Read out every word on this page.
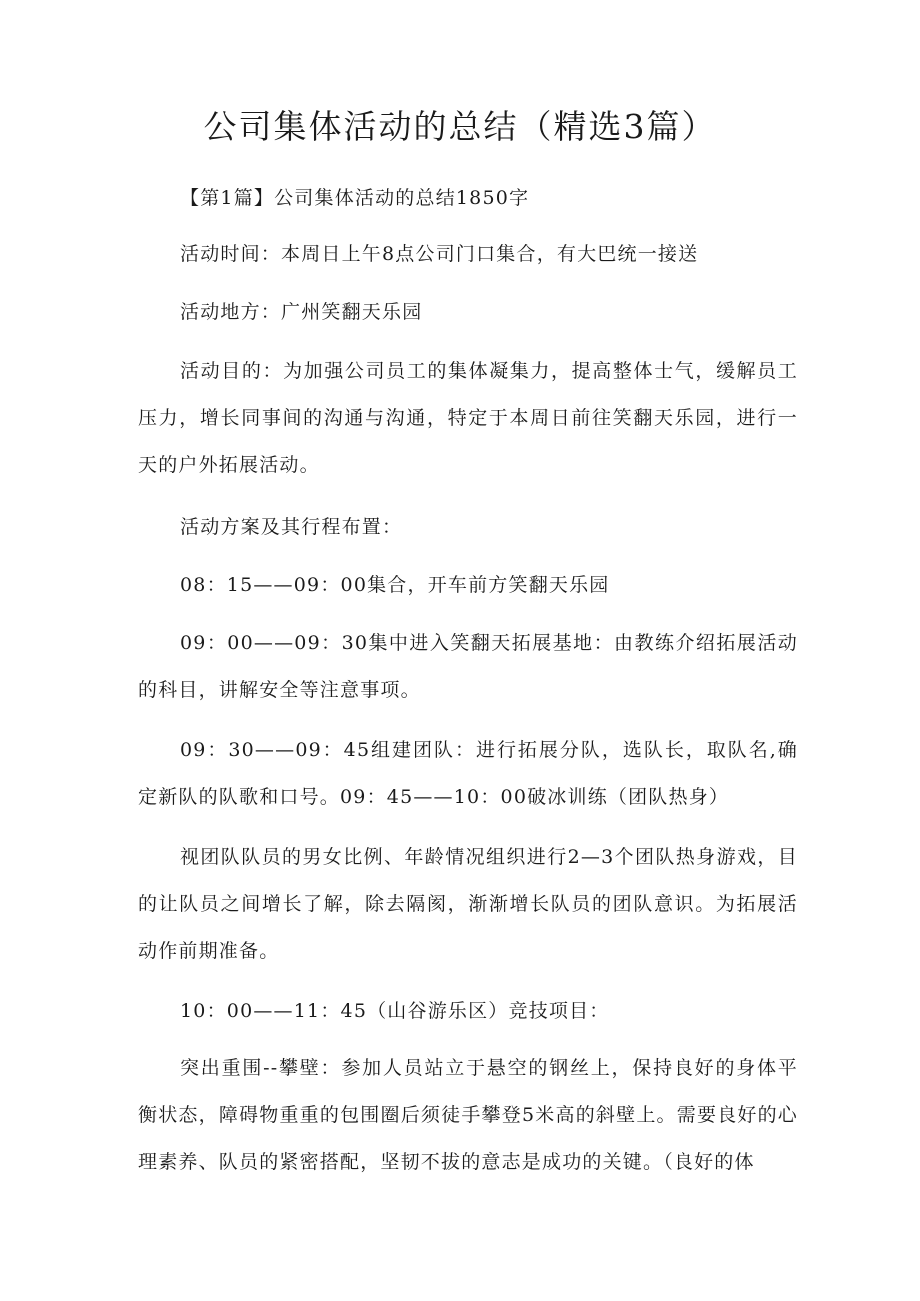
公司集体活动的总结（精选3篇）

【第1篇】公司集体活动的总结1850字

活动时间：本周日上午8点公司门口集合，有大巴统一接送

活动地方：广州笑翻天乐园

活动目的：为加强公司员工的集体凝集力，提高整体士气，缓解员工压力，增长同事间的沟通与沟通，特定于本周日前往笑翻天乐园，进行一天的户外拓展活动。

活动方案及其行程布置：

08：15——09：00集合，开车前方笑翻天乐园

09：00——09：30集中进入笑翻天拓展基地：由教练介绍拓展活动的科目，讲解安全等注意事项。

09：30——09：45组建团队：进行拓展分队，选队长，取队名,确定新队的队歌和口号。09：45——10：00破冰训练（团队热身）

视团队队员的男女比例、年龄情况组织进行2—3个团队热身游戏，目的让队员之间增长了解，除去隔阂，渐渐增长队员的团队意识。为拓展活动作前期准备。

10：00——11：45（山谷游乐区）竞技项目：

突出重围--攀壁：参加人员站立于悬空的钢丝上，保持良好的身体平衡状态，障碍物重重的包围圈后须徒手攀登5米高的斜壁上。需要良好的心理素养、队员的紧密搭配，坚韧不拔的意志是成功的关键。（良好的体
